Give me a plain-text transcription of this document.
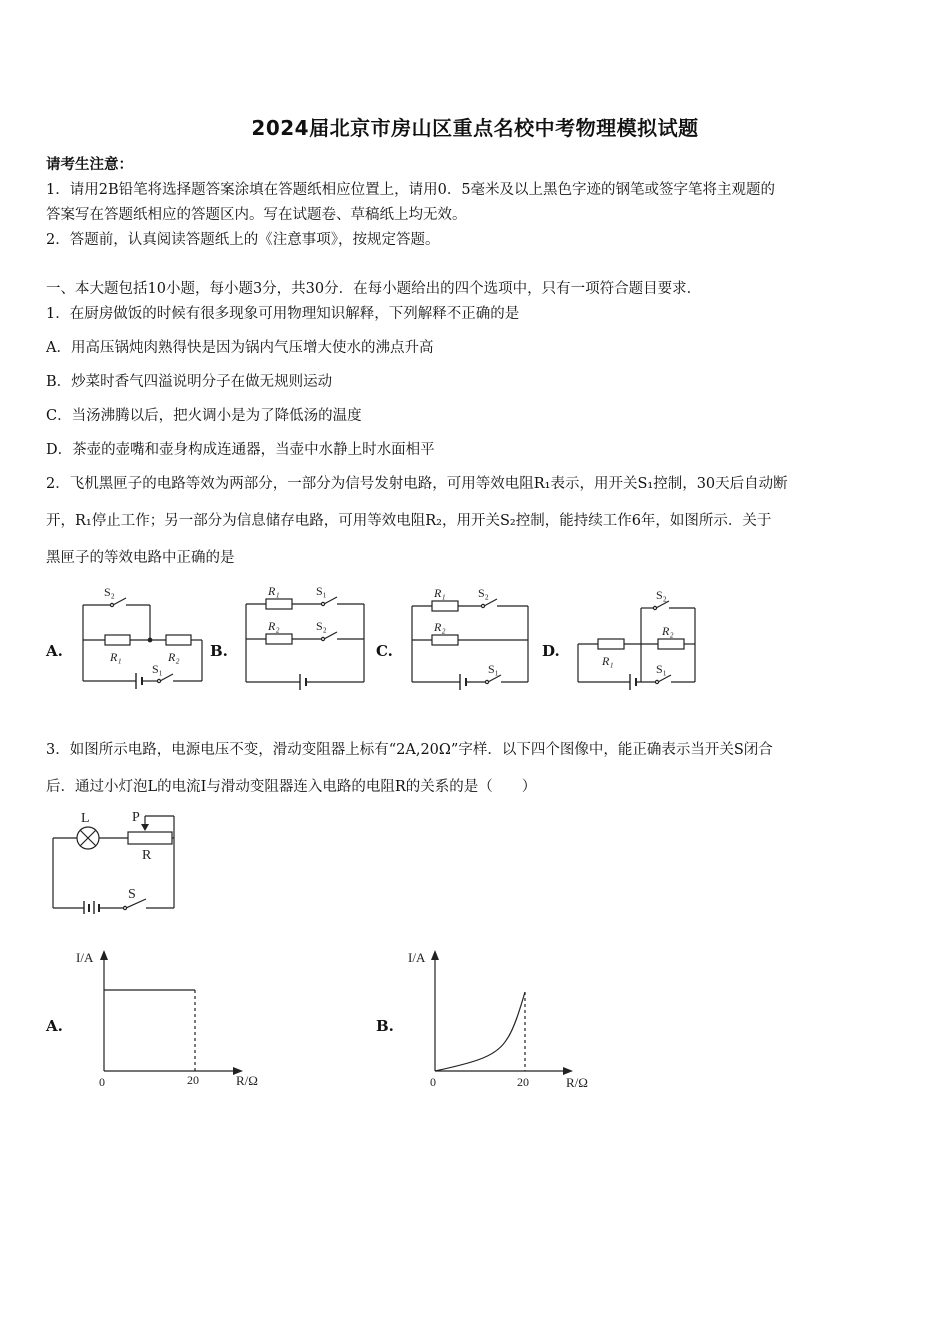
2024届北京市房山区重点名校中考物理模拟试题
请考生注意：
1．请用2B铅笔将选择题答案涂填在答题纸相应位置上，请用0．5毫米及以上黑色字迹的钢笔或签字笔将主观题的
答案写在答题纸相应的答题区内。写在试题卷、草稿纸上均无效。
2．答题前，认真阅读答题纸上的《注意事项》，按规定答题。
一、本大题包括10小题，每小题3分，共30分．在每小题给出的四个选项中，只有一项符合题目要求．
1．在厨房做饭的时候有很多现象可用物理知识解释，下列解释不正确的是
A．用高压锅炖肉熟得快是因为锅内气压增大使水的沸点升高
B．炒菜时香气四溢说明分子在做无规则运动
C．当汤沸腾以后，把火调小是为了降低汤的温度
D．茶壶的壶嘴和壶身构成连通器，当壶中水静上时水面相平
2．飞机黑匣子的电路等效为两部分，一部分为信号发射电路，可用等效电阻R₁表示，用开关S₁控制，30天后自动断
开，R₁停止工作；另一部分为信息储存电路，可用等效电阻R₂，用开关S₂控制，能持续工作6年，如图所示．关于
黑匣子的等效电路中正确的是
A.	B.	C.	D.
S₂
R₁	R₂
S₁
R₁	S₁
R₂	S₂
R₁	S₂
R₂
S₁
S₂
R₂
R₁
S₁
3．如图所示电路，电源电压不变，滑动变阻器上标有“2A,20Ω”字样．以下四个图像中，能正确表示当开关S闭合
后．通过小灯泡L的电流I与滑动变阻器连入电路的电阻R的关系的是（　　）
L	P
R
S
A.
I/A
0	20	R/Ω
B.
I/A
0	20	R/Ω
